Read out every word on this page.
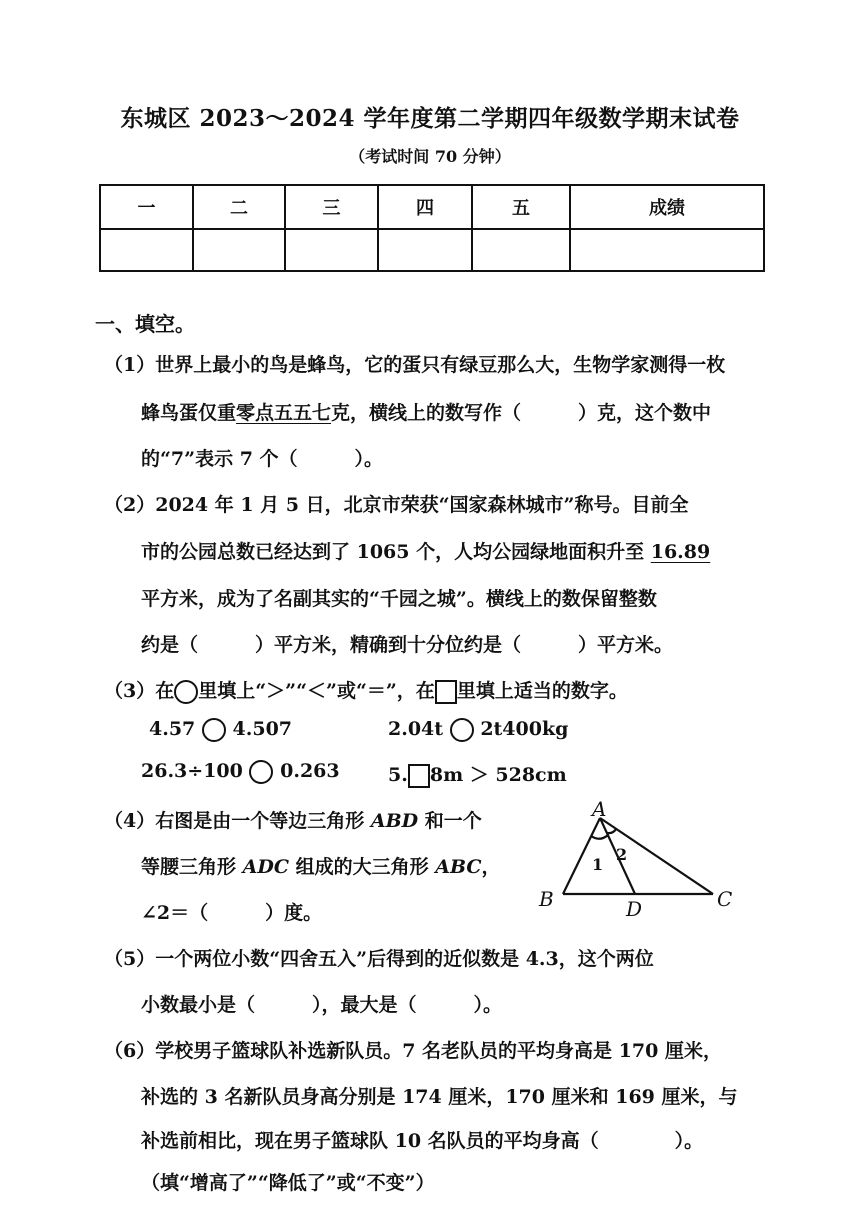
东城区 2023～2024 学年度第二学期四年级数学期末试卷
（考试时间 70 分钟）
一	二	三	四	五	成绩

一、填空。
（1）世界上最小的鸟是蜂鸟，它的蛋只有绿豆那么大，生物学家测得一枚
蜂鸟蛋仅重零点五五七克，横线上的数写作（　　　）克，这个数中
的“7”表示 7 个（　　　）。
（2）2024 年 1 月 5 日，北京市荣获“国家森林城市”称号。目前全
市的公园总数已经达到了 1065 个，人均公园绿地面积升至 16.89
平方米，成为了名副其实的“千园之城”。横线上的数保留整数
约是（　　　）平方米，精确到十分位约是（　　　）平方米。
（3）在 里填上“＞”“＜”或“＝”，在 里填上适当的数字。
4.57 4.507	2.04t 2t400kg
26.3÷100 0.263	5. 8m ＞ 528cm
（4）右图是由一个等边三角形 ABD 和一个
等腰三角形 ADC 组成的大三角形 ABC，
∠2＝（　　　）度。
A
B	C
D
1
2
（5）一个两位小数“四舍五入”后得到的近似数是 4.3，这个两位
小数最小是（　　　），最大是（　　　）。
（6）学校男子篮球队补选新队员。7 名老队员的平均身高是 170 厘米，
补选的 3 名新队员身高分别是 174 厘米，170 厘米和 169 厘米，与
补选前相比，现在男子篮球队 10 名队员的平均身高（　　　　）。
（填“增高了”“降低了”或“不变”）
